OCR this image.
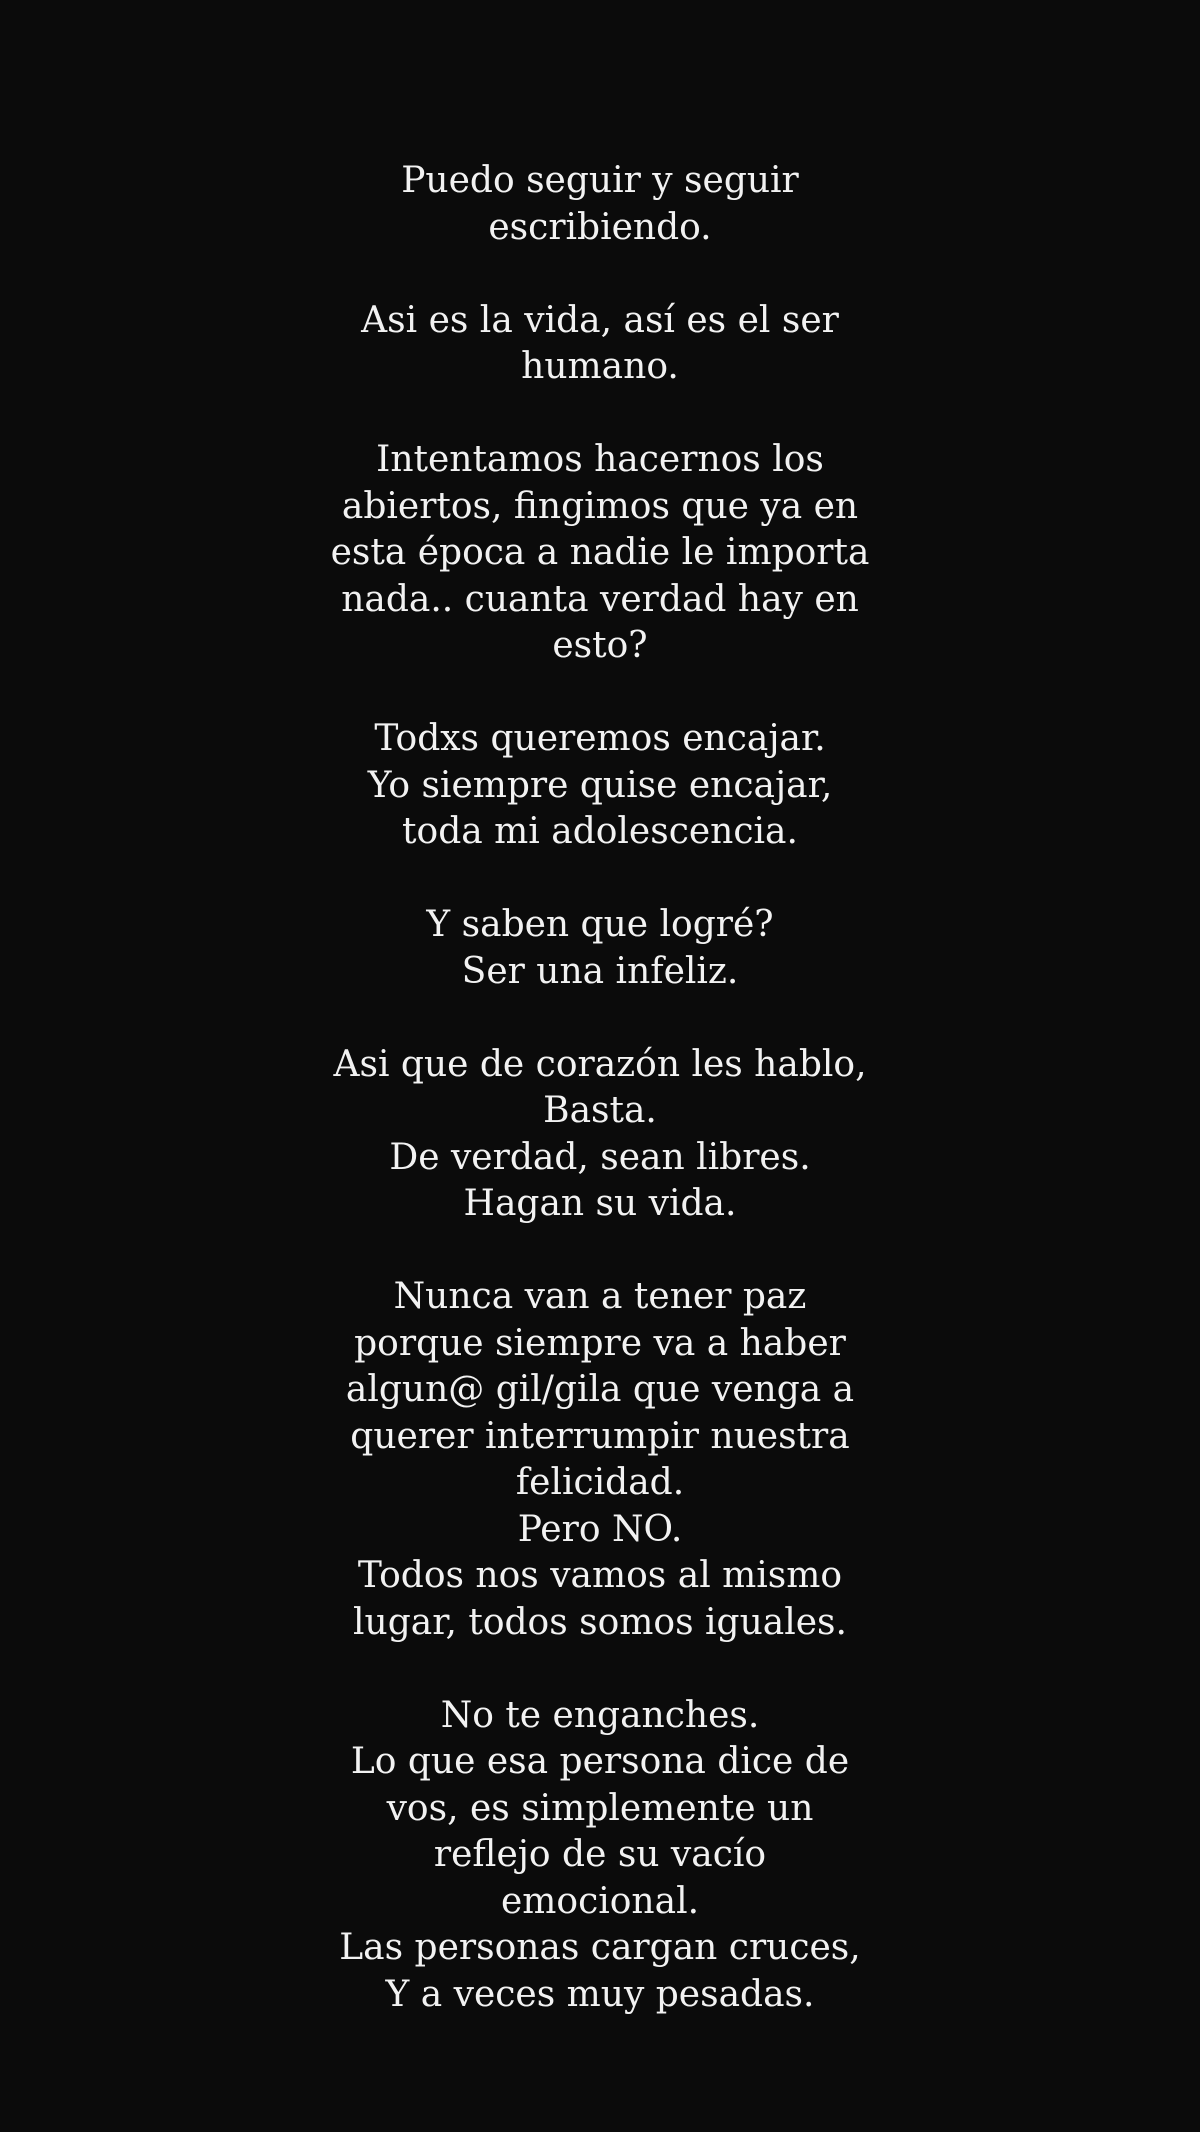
Puedo seguir y seguir
escribiendo.
Asi es la vida, así es el ser
humano.
Intentamos hacernos los
abiertos, fingimos que ya en
esta época a nadie le importa
nada.. cuanta verdad hay en
esto?
Todxs queremos encajar.
Yo siempre quise encajar,
toda mi adolescencia.
Y saben que logré?
Ser una infeliz.
Asi que de corazón les hablo,
Basta.
De verdad, sean libres.
Hagan su vida.
Nunca van a tener paz
porque siempre va a haber
algun@ gil/gila que venga a
querer interrumpir nuestra
felicidad.
Pero NO.
Todos nos vamos al mismo
lugar, todos somos iguales.
No te enganches.
Lo que esa persona dice de
vos, es simplemente un
reflejo de su vacío
emocional.
Las personas cargan cruces,
Y a veces muy pesadas.
